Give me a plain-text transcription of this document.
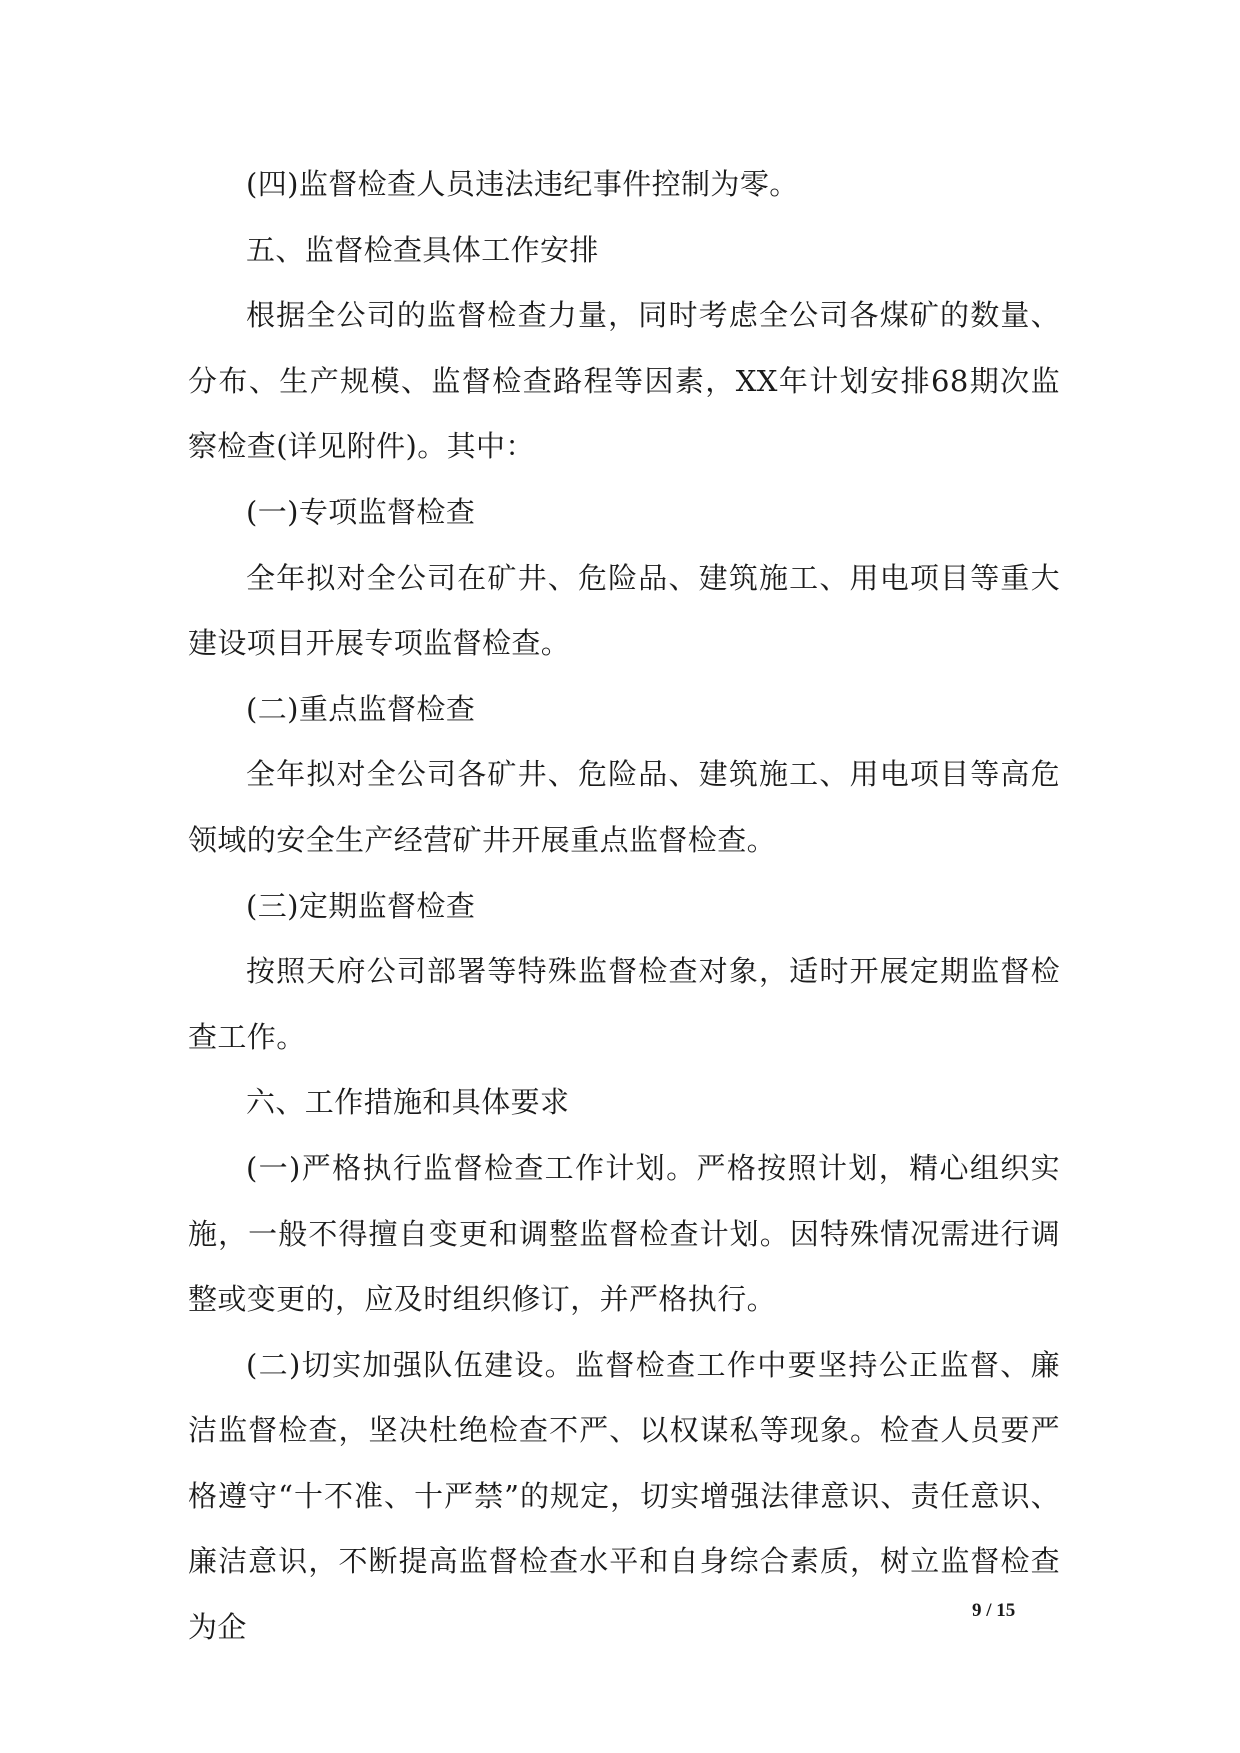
(四)监督检查人员违法违纪事件控制为零。

五、监督检查具体工作安排

根据全公司的监督检查力量，同时考虑全公司各煤矿的数量、分布、生产规模、监督检查路程等因素，XX年计划安排68期次监察检查(详见附件)。其中：

(一)专项监督检查

全年拟对全公司在矿井、危险品、建筑施工、用电项目等重大建设项目开展专项监督检查。

(二)重点监督检查

全年拟对全公司各矿井、危险品、建筑施工、用电项目等高危领域的安全生产经营矿井开展重点监督检查。

(三)定期监督检查

按照天府公司部署等特殊监督检查对象，适时开展定期监督检查工作。

六、工作措施和具体要求

(一)严格执行监督检查工作计划。严格按照计划，精心组织实施，一般不得擅自变更和调整监督检查计划。因特殊情况需进行调整或变更的，应及时组织修订，并严格执行。

(二)切实加强队伍建设。监督检查工作中要坚持公正监督、廉洁监督检查，坚决杜绝检查不严、以权谋私等现象。检查人员要严格遵守“十不准、十严禁”的规定，切实增强法律意识、责任意识、廉洁意识，不断提高监督检查水平和自身综合素质，树立监督检查为企	9 / 15
